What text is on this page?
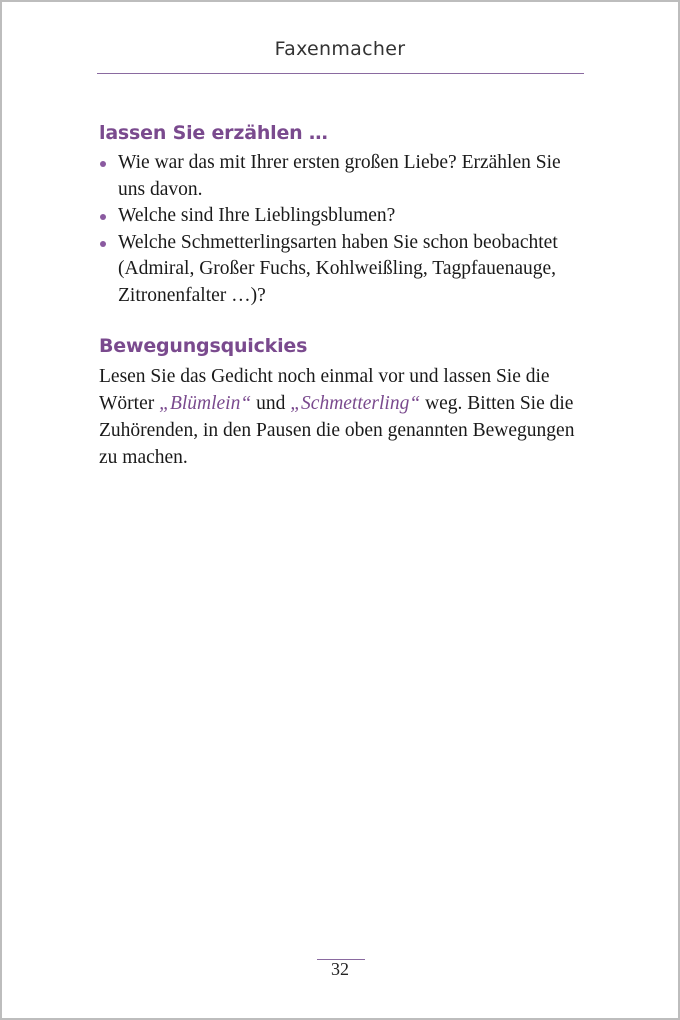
Faxenmacher
lassen Sie erzählen …
Wie war das mit Ihrer ersten großen Liebe? Erzählen Sie uns davon.
Welche sind Ihre Lieblingsblumen?
Welche Schmetterlingsarten haben Sie schon beobachtet (Admiral, Großer Fuchs, Kohlweißling, Tagpfauenauge, Zitronenfalter …)?
Bewegungsquickies

Lesen Sie das Gedicht noch einmal vor und lassen Sie die Wörter „Blümlein“ und „Schmetterling“ weg. Bitten Sie die Zuhörenden, in den Pausen die oben genannten Bewegungen zu machen.

32
